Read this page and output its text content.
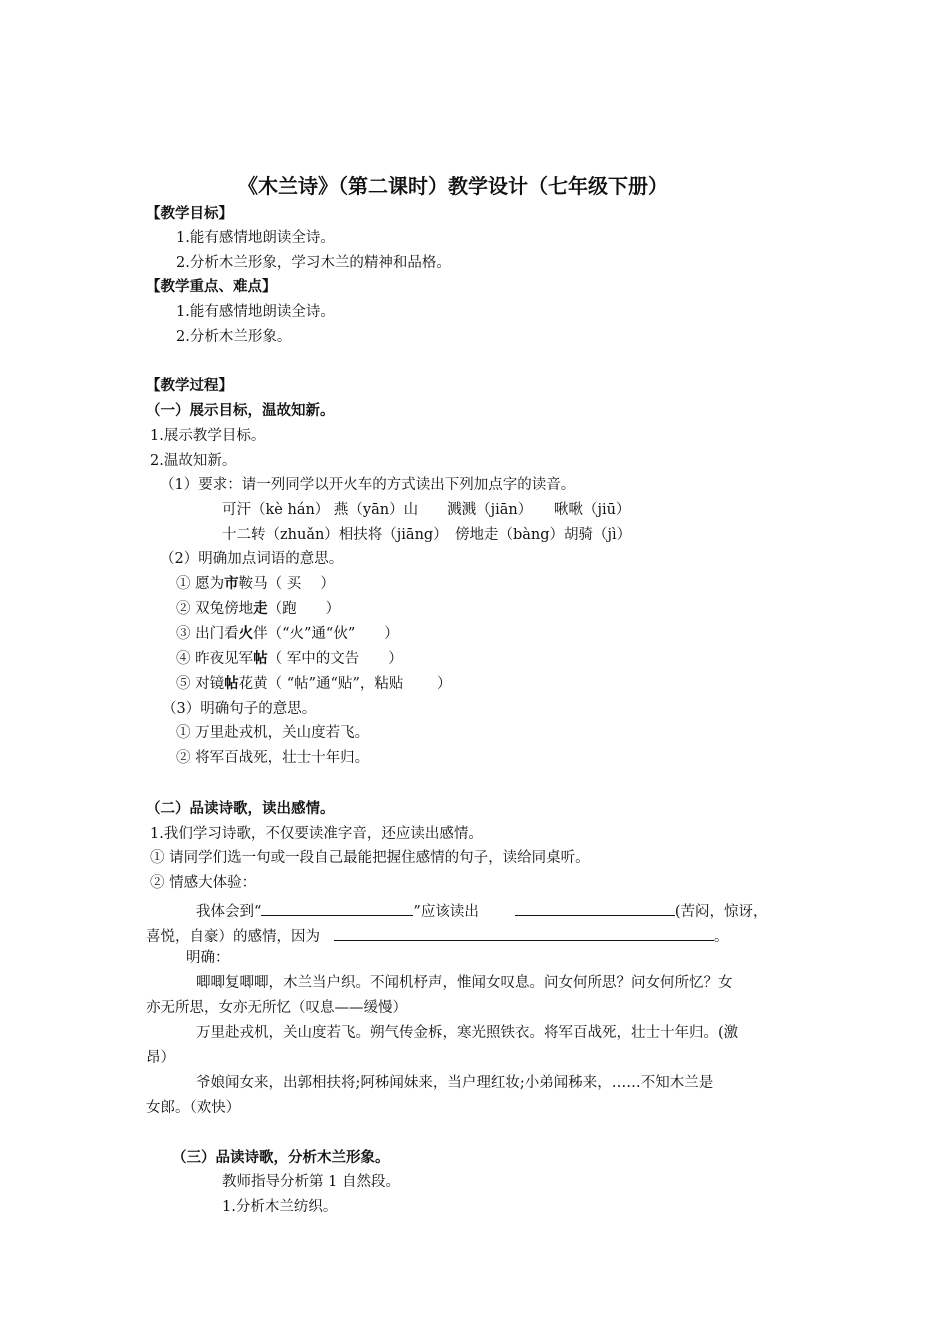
《木兰诗》（第二课时）教学设计（七年级下册）
【教学目标】
1.能有感情地朗读全诗。
2.分析木兰形象，学习木兰的精神和品格。
【教学重点、难点】
1.能有感情地朗读全诗。
2.分析木兰形象。
【教学过程】
（一）展示目标，温故知新。
1.展示教学目标。
2.温故知新。
（1）要求：请一列同学以开火车的方式读出下列加点字的读音。
可汗（kè hán） 燕（yān）山　　溅溅（jiān）　　啾啾（jiū）
十二转（zhuǎn）相扶将（jiāng）　傍地走（bàng）胡骑（jì）
（2）明确加点词语的意思。
① 愿为市鞍马（ 买　 ）
② 双兔傍地走（跑　　）
③ 出门看火伴（“火”通“伙”　　）
④ 昨夜见军帖（ 军中的文告　　）
⑤ 对镜帖花黄（ “帖”通“贴”，粘贴　　 ）
（3）明确句子的意思。
① 万里赴戎机，关山度若飞。
② 将军百战死，壮士十年归。
（二）品读诗歌，读出感情。
1.我们学习诗歌，不仅要读准字音，还应读出感情。
① 请同学们选一句或一段自己最能把握住感情的句子，读给同桌听。
② 情感大体验：
我体会到“	”应该读出	(苦闷，惊讶，
喜悦，自豪）的感情，因为	。
明确：
唧唧复唧唧，木兰当户织。不闻机杼声，惟闻女叹息。问女何所思？问女何所忆？女
亦无所思，女亦无所忆（叹息——缓慢）
万里赴戎机，关山度若飞。朔气传金柝，寒光照铁衣。将军百战死，壮士十年归。(激
昂）
爷娘闻女来，出郭相扶将;阿秭闻妹来，当户理红妆;小弟闻秭来，……不知木兰是
女郎。（欢快）
（三）品读诗歌，分析木兰形象。
教师指导分析第 1 自然段。
1.分析木兰纺织。
